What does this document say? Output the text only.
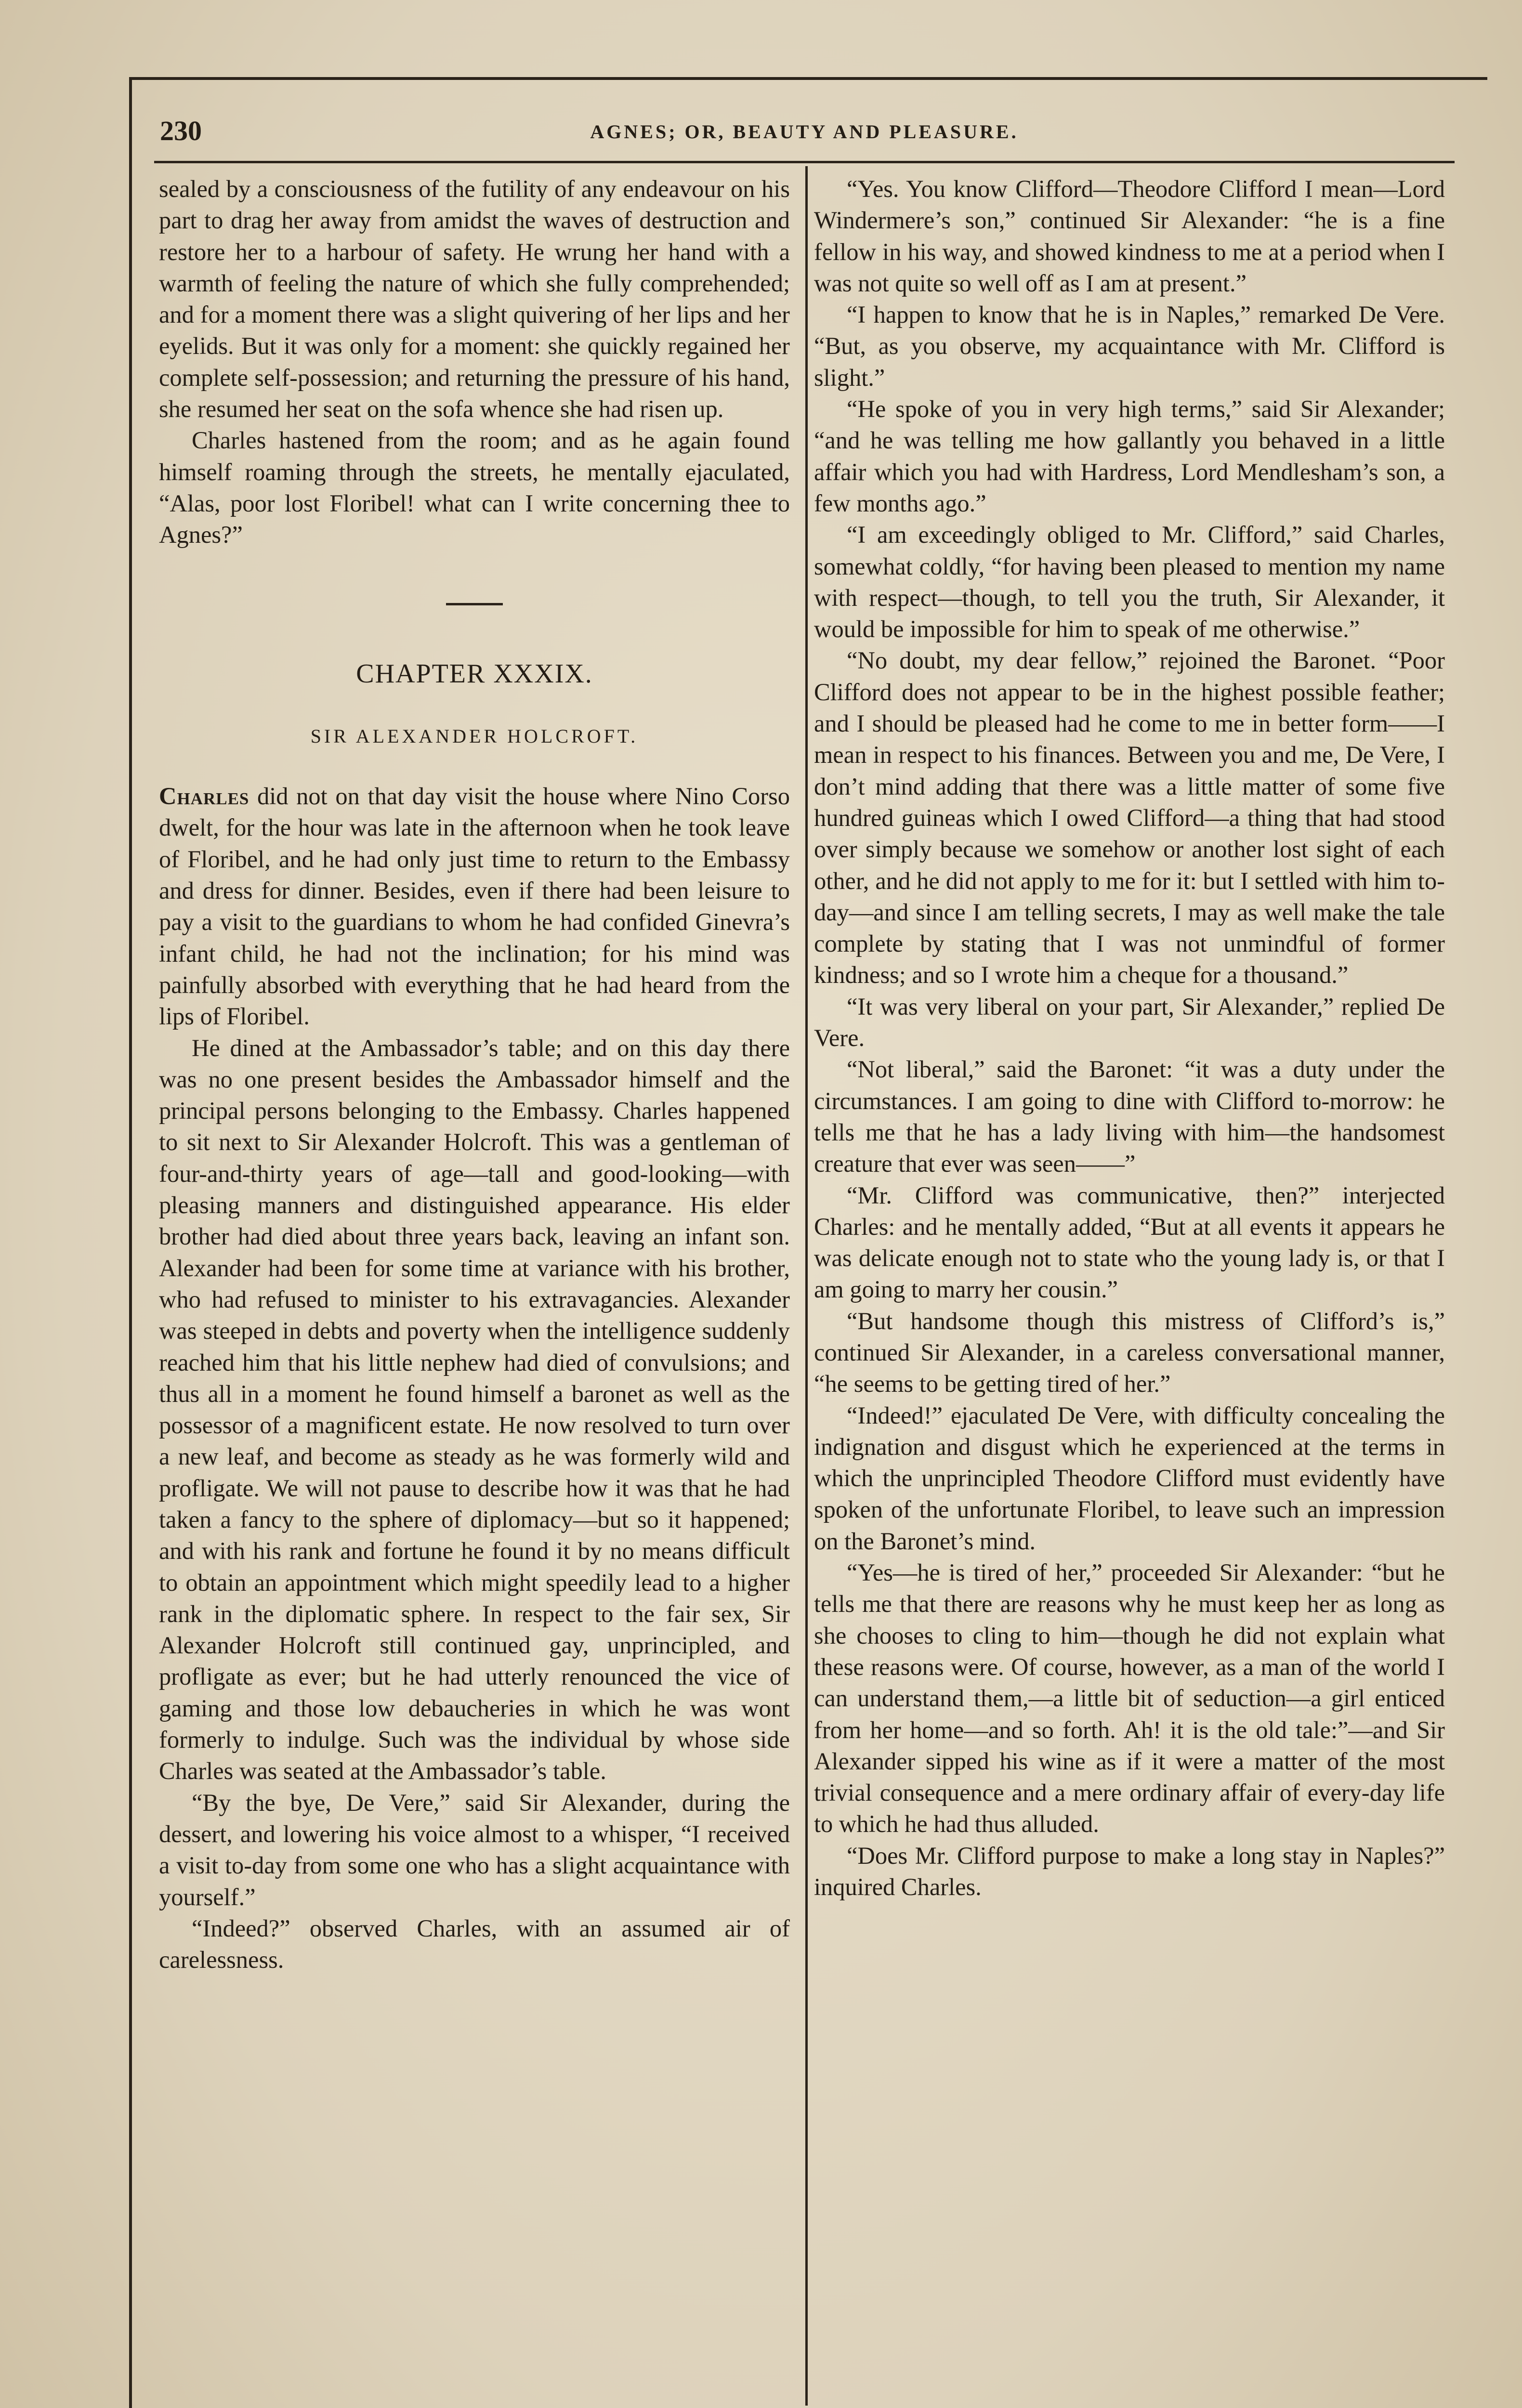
230	AGNES; OR, BEAUTY AND PLEASURE.

sealed by a consciousness of the futility of any endeavour on his part to drag her away from amidst the waves of destruction and restore her to a harbour of safety. He wrung her hand with a warmth of feeling the nature of which she fully comprehended; and for a moment there was a slight quivering of her lips and her eyelids. But it was only for a moment: she quickly regained her complete self-possession; and returning the pressure of his hand, she resumed her seat on the sofa whence she had risen up.

Charles hastened from the room; and as he again found himself roaming through the streets, he mentally ejaculated, “Alas, poor lost Floribel! what can I write concerning thee to Agnes?”

CHAPTER XXXIX.
SIR ALEXANDER HOLCROFT.

Charles did not on that day visit the house where Nino Corso dwelt, for the hour was late in the afternoon when he took leave of Floribel, and he had only just time to return to the Embassy and dress for dinner. Besides, even if there had been leisure to pay a visit to the guardians to whom he had confided Ginevra’s infant child, he had not the inclination; for his mind was painfully absorbed with everything that he had heard from the lips of Floribel.

He dined at the Ambassador’s table; and on this day there was no one present besides the Ambassador himself and the principal persons belonging to the Embassy. Charles happened to sit next to Sir Alexander Holcroft. This was a gentleman of four-and-thirty years of age—tall and good-looking—with pleasing manners and distinguished appearance. His elder brother had died about three years back, leaving an infant son. Alexander had been for some time at variance with his brother, who had refused to minister to his extravagancies. Alexander was steeped in debts and poverty when the intelligence suddenly reached him that his little nephew had died of convulsions; and thus all in a moment he found himself a baronet as well as the possessor of a magnificent estate. He now resolved to turn over a new leaf, and become as steady as he was formerly wild and profligate. We will not pause to describe how it was that he had taken a fancy to the sphere of diplomacy—but so it happened; and with his rank and fortune he found it by no means difficult to obtain an appointment which might speedily lead to a higher rank in the diplomatic sphere. In respect to the fair sex, Sir Alexander Holcroft still continued gay, unprincipled, and profligate as ever; but he had utterly renounced the vice of gaming and those low debaucheries in which he was wont formerly to indulge. Such was the individual by whose side Charles was seated at the Ambassador’s table.

“By the bye, De Vere,” said Sir Alexander, during the dessert, and lowering his voice almost to a whisper, “I received a visit to-day from some one who has a slight acquaintance with yourself.”

“Indeed?” observed Charles, with an assumed air of carelessness.

“Yes. You know Clifford—Theodore Clifford I mean—Lord Windermere’s son,” continued Sir Alexander: “he is a fine fellow in his way, and showed kindness to me at a period when I was not quite so well off as I am at present.”

“I happen to know that he is in Naples,” remarked De Vere. “But, as you observe, my acquaintance with Mr. Clifford is slight.”

“He spoke of you in very high terms,” said Sir Alexander; “and he was telling me how gallantly you behaved in a little affair which you had with Hardress, Lord Mendlesham’s son, a few months ago.”

“I am exceedingly obliged to Mr. Clifford,” said Charles, somewhat coldly, “for having been pleased to mention my name with respect—though, to tell you the truth, Sir Alexander, it would be impossible for him to speak of me otherwise.”

“No doubt, my dear fellow,” rejoined the Baronet. “Poor Clifford does not appear to be in the highest possible feather; and I should be pleased had he come to me in better form——I mean in respect to his finances. Between you and me, De Vere, I don’t mind adding that there was a little matter of some five hundred guineas which I owed Clifford—a thing that had stood over simply because we somehow or another lost sight of each other, and he did not apply to me for it: but I settled with him to-day—and since I am telling secrets, I may as well make the tale complete by stating that I was not unmindful of former kindness; and so I wrote him a cheque for a thousand.”

“It was very liberal on your part, Sir Alexander,” replied De Vere.

“Not liberal,” said the Baronet: “it was a duty under the circumstances. I am going to dine with Clifford to-morrow: he tells me that he has a lady living with him—the handsomest creature that ever was seen——”

“Mr. Clifford was communicative, then?” interjected Charles: and he mentally added, “But at all events it appears he was delicate enough not to state who the young lady is, or that I am going to marry her cousin.”

“But handsome though this mistress of Clifford’s is,” continued Sir Alexander, in a careless conversational manner, “he seems to be getting tired of her.”

“Indeed!” ejaculated De Vere, with difficulty concealing the indignation and disgust which he experienced at the terms in which the unprincipled Theodore Clifford must evidently have spoken of the unfortunate Floribel, to leave such an impression on the Baronet’s mind.

“Yes—he is tired of her,” proceeded Sir Alexander: “but he tells me that there are reasons why he must keep her as long as she chooses to cling to him—though he did not explain what these reasons were. Of course, however, as a man of the world I can understand them,—a little bit of seduction—a girl enticed from her home—and so forth. Ah! it is the old tale:”—and Sir Alexander sipped his wine as if it were a matter of the most trivial consequence and a mere ordinary affair of every-day life to which he had thus alluded.

“Does Mr. Clifford purpose to make a long stay in Naples?” inquired Charles.
